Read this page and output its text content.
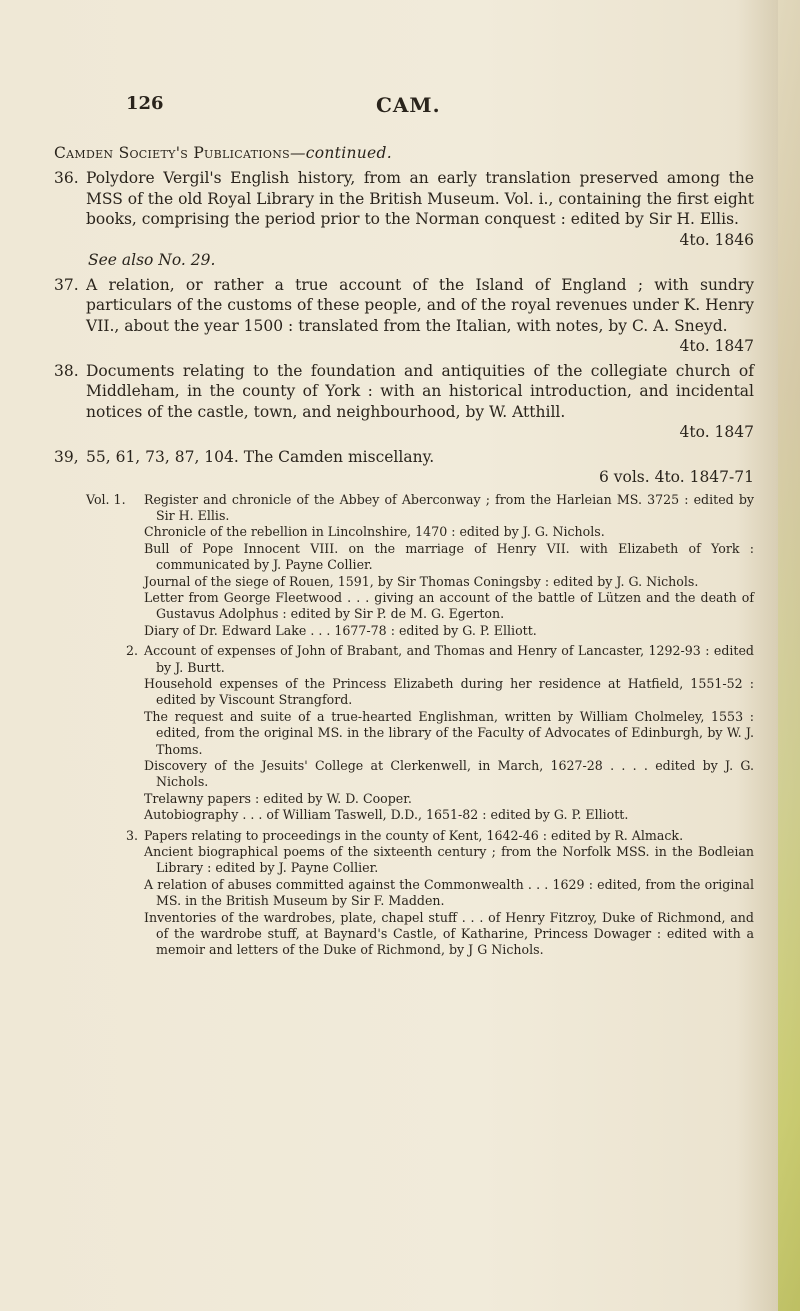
126	CAM.
Camden Society's Publications—continued.
36. Polydore Vergil's English history, from an early translation preserved among the MSS of the old Royal Library in the British Museum. Vol. i., containing the first eight books, comprising the period prior to the Norman conquest : edited by Sir H. Ellis.
4to. 1846
See also No. 29.
37. A relation, or rather a true account of the Island of England ; with sundry particulars of the customs of these people, and of the royal revenues under K. Henry VII., about the year 1500 : translated from the Italian, with notes, by C. A. Sneyd.
4to. 1847
38. Documents relating to the foundation and antiquities of the collegiate church of Middleham, in the county of York : with an historical introduction, and incidental notices of the castle, town, and neighbourhood, by W. Atthill.
4to. 1847
39, 55, 61, 73, 87, 104. The Camden miscellany.
6 vols. 4to. 1847-71
Vol. 1.	Register and chronicle of the Abbey of Aberconway ; from the Harleian MS. 3725 : edited by Sir H. Ellis.
Chronicle of the rebellion in Lincolnshire, 1470 : edited by J. G. Nichols.
Bull of Pope Innocent VIII. on the marriage of Henry VII. with Elizabeth of York : communicated by J. Payne Collier.
Journal of the siege of Rouen, 1591, by Sir Thomas Coningsby : edited by J. G. Nichols.
Letter from George Fleetwood . . . giving an account of the battle of Lützen and the death of Gustavus Adolphus : edited by Sir P. de M. G. Egerton.
Diary of Dr. Edward Lake . . . 1677-78 : edited by G. P. Elliott.
2. Account of expenses of John of Brabant, and Thomas and Henry of Lancaster, 1292-93 : edited by J. Burtt.
Household expenses of the Princess Elizabeth during her residence at Hatfield, 1551-52 : edited by Viscount Strangford.
The request and suite of a true-hearted Englishman, written by William Cholmeley, 1553 : edited, from the original MS. in the library of the Faculty of Advocates of Edinburgh, by W. J. Thoms.
Discovery of the Jesuits' College at Clerkenwell, in March, 1627-28 . . . . edited by J. G. Nichols.
Trelawny papers : edited by W. D. Cooper.
Autobiography . . . of William Taswell, D.D., 1651-82 : edited by G. P. Elliott.
3. Papers relating to proceedings in the county of Kent, 1642-46 : edited by R. Almack.
Ancient biographical poems of the sixteenth century ; from the Norfolk MSS. in the Bodleian Library : edited by J. Payne Collier.
A relation of abuses committed against the Commonwealth . . . 1629 : edited, from the original MS. in the British Museum by Sir F. Madden.
Inventories of the wardrobes, plate, chapel stuff . . . of Henry Fitzroy, Duke of Richmond, and of the wardrobe stuff, at Baynard's Castle, of Katharine, Princess Dowager : edited with a memoir and letters of the Duke of Richmond, by J G Nichols.
